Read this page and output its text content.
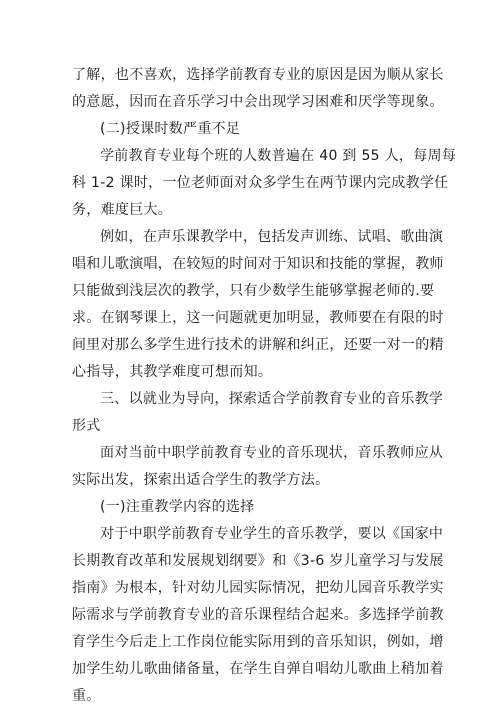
了解，也不喜欢，选择学前教育专业的原因是因为顺从家长
的意愿，因而在音乐学习中会出现学习困难和厌学等现象。
(二)授课时数严重不足
学前教育专业每个班的人数普遍在 40 到 55 人，每周每
科 1-2 课时，一位老师面对众多学生在两节课内完成教学任
务，难度巨大。
例如，在声乐课教学中，包括发声训练、试唱、歌曲演
唱和儿歌演唱，在较短的时间对于知识和技能的掌握，教师
只能做到浅层次的教学，只有少数学生能够掌握老师的.要
求。在钢琴课上，这一问题就更加明显，教师要在有限的时
间里对那么多学生进行技术的讲解和纠正，还要一对一的精
心指导，其教学难度可想而知。
三、以就业为导向，探索适合学前教育专业的音乐教学
形式
面对当前中职学前教育专业的音乐现状，音乐教师应从
实际出发，探索出适合学生的教学方法。
(一)注重教学内容的选择
对于中职学前教育专业学生的音乐教学，要以《国家中
长期教育改革和发展规划纲要》和《3-6 岁儿童学习与发展
指南》为根本，针对幼儿园实际情况，把幼儿园音乐教学实
际需求与学前教育专业的音乐课程结合起来。多选择学前教
育学生今后走上工作岗位能实际用到的音乐知识，例如，增
加学生幼儿歌曲储备量，在学生自弹自唱幼儿歌曲上稍加着
重。
